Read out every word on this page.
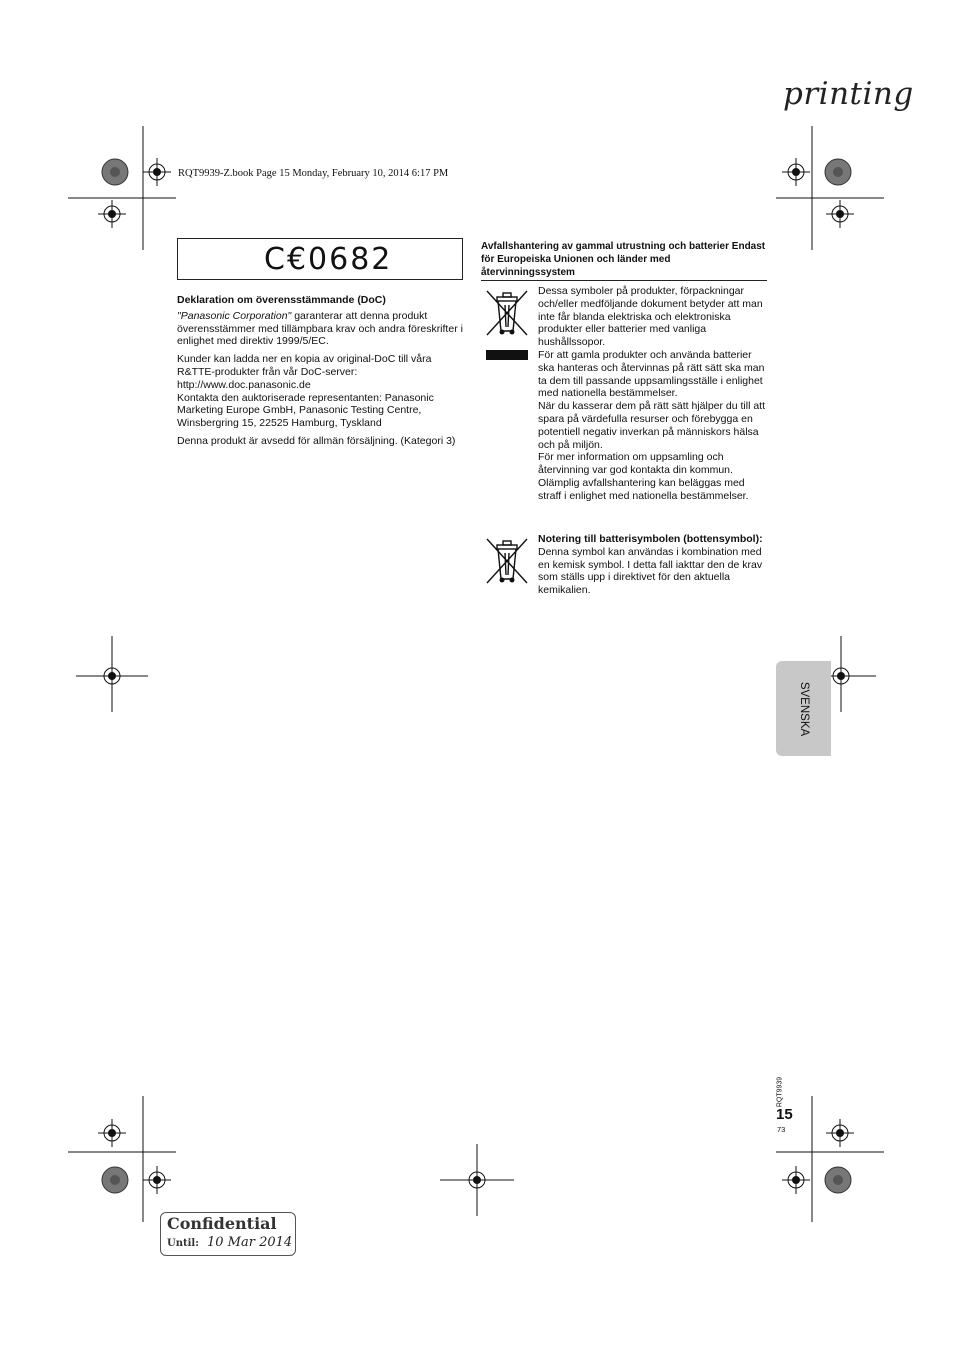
printing
RQT9939-Z.book Page 15 Monday, February 10, 2014 6:17 PM
C€0682

Deklaration om överensstämmande (DoC)

"Panasonic Corporation" garanterar att denna produkt överensstämmer med tillämpbara krav och andra föreskrifter i enlighet med direktiv 1999/5/EC.

Kunder kan ladda ner en kopia av original-DoC till våra R&TTE-produkter från vår DoC-server:

http://www.doc.panasonic.de

Kontakta den auktoriserade representanten: Panasonic Marketing Europe GmbH, Panasonic Testing Centre, Winsbergring 15, 22525 Hamburg, Tyskland

Denna produkt är avsedd för allmän försäljning. (Kategori 3)

Avfallshantering av gammal utrustning och batterier Endast för Europeiska Unionen och länder med återvinningssystem

Dessa symboler på produkter, förpackningar och/eller medföljande dokument betyder att man inte får blanda elektriska och elektroniska produkter eller batterier med vanliga hushållssopor.

För att gamla produkter och använda batterier ska hanteras och återvinnas på rätt sätt ska man ta dem till passande uppsamlingsställe i enlighet med nationella bestämmelser.

När du kasserar dem på rätt sätt hjälper du till att spara på värdefulla resurser och förebygga en potentiell negativ inverkan på människors hälsa och på miljön.

För mer information om uppsamling och återvinning var god kontakta din kommun.

Olämplig avfallshantering kan beläggas med straff i enlighet med nationella bestämmelser.

Notering till batterisymbolen (bottensymbol):

Denna symbol kan användas i kombination med en kemisk symbol. I detta fall iakttar den de krav som ställs upp i direktivet för den aktuella kemikalien.

SVENSKA
RQT9939
15
73
Confidential
Until: 10 Mar 2014
